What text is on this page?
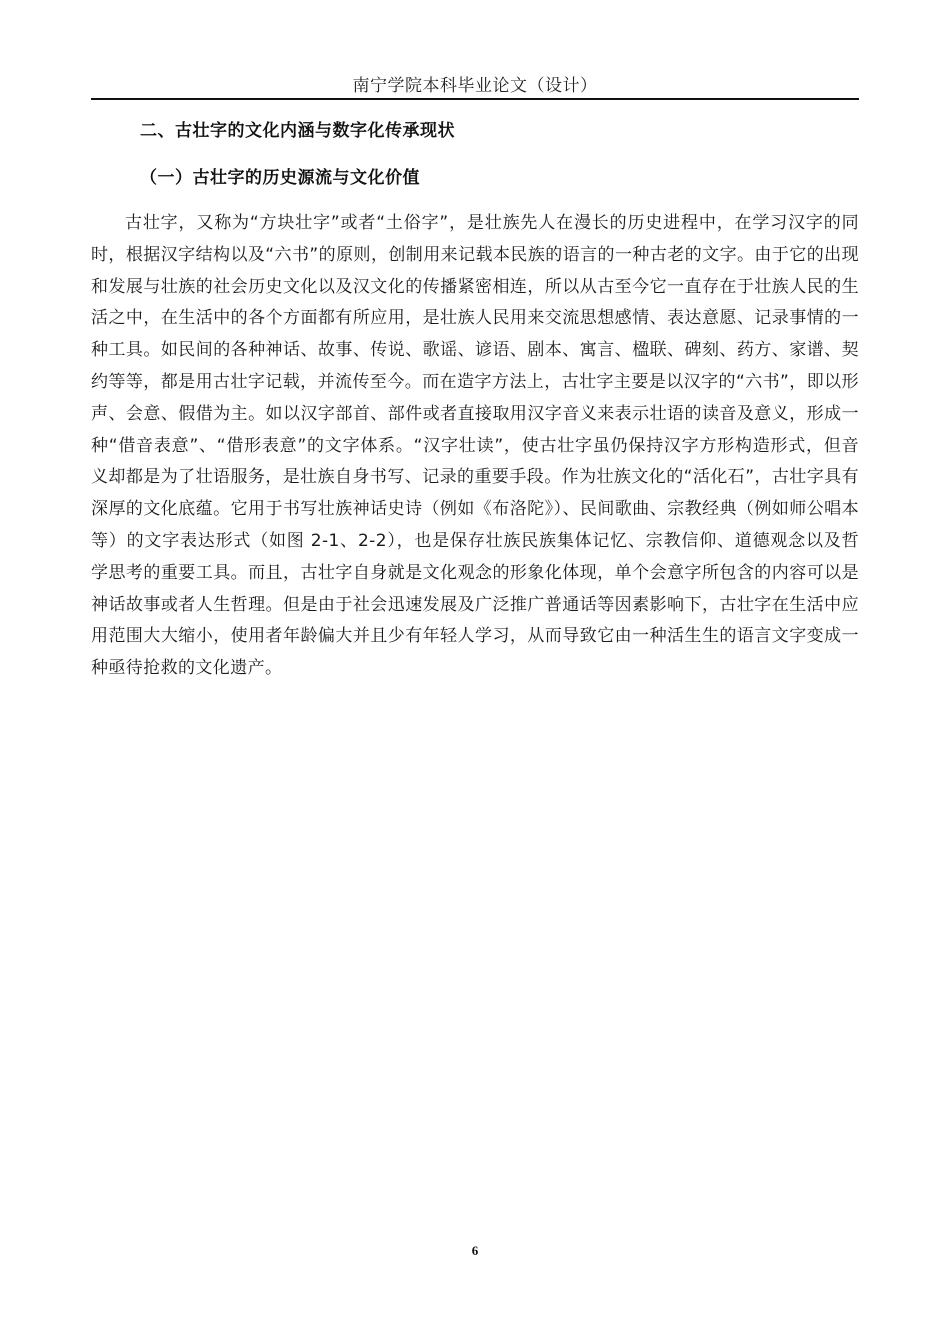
南宁学院本科毕业论文（设计）
二、古壮字的文化内涵与数字化传承现状
（一）古壮字的历史源流与文化价值

古壮字，又称为“方块壮字”或者“土俗字”，是壮族先人在漫长的历史进程中，在学习汉字的同时，根据汉字结构以及“六书”的原则，创制用来记载本民族的语言的一种古老的文字。由于它的出现和发展与壮族的社会历史文化以及汉文化的传播紧密相连，所以从古至今它一直存在于壮族人民的生活之中，在生活中的各个方面都有所应用，是壮族人民用来交流思想感情、表达意愿、记录事情的一种工具。如民间的各种神话、故事、传说、歌谣、谚语、剧本、寓言、楹联、碑刻、药方、家谱、契约等等，都是用古壮字记载，并流传至今。而在造字方法上，古壮字主要是以汉字的“六书”，即以形声、会意、假借为主。如以汉字部首、部件或者直接取用汉字音义来表示壮语的读音及意义，形成一种“借音表意”、“借形表意”的文字体系。“汉字壮读”，使古壮字虽仍保持汉字方形构造形式，但音义却都是为了壮语服务，是壮族自身书写、记录的重要手段。作为壮族文化的“活化石”，古壮字具有深厚的文化底蕴。它用于书写壮族神话史诗（例如《布洛陀》）、民间歌曲、宗教经典（例如师公唱本等）的文字表达形式（如图 2-1、2-2），也是保存壮族民族集体记忆、宗教信仰、道德观念以及哲学思考的重要工具。而且，古壮字自身就是文化观念的形象化体现，单个会意字所包含的内容可以是神话故事或者人生哲理。但是由于社会迅速发展及广泛推广普通话等因素影响下，古壮字在生活中应用范围大大缩小，使用者年龄偏大并且少有年轻人学习，从而导致它由一种活生生的语言文字变成一种亟待抢救的文化遗产。

6
